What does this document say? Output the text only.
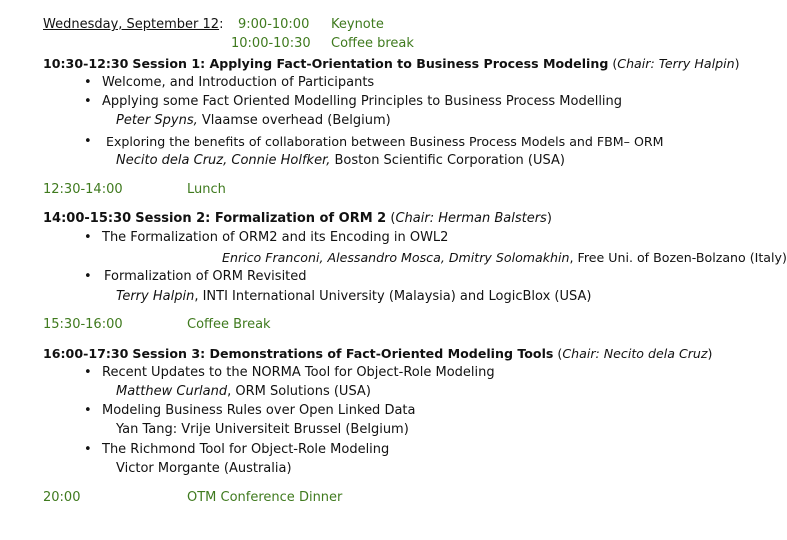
Wednesday, September 12: 9:00-10:00 Keynote
10:00-10:30 Coffee break
10:30-12:30 Session 1: Applying Fact-Orientation to Business Process Modeling (Chair: Terry Halpin)
• Welcome, and Introduction of Participants
• Applying some Fact Oriented Modelling Principles to Business Process Modelling
Peter Spyns, Vlaamse overhead (Belgium)
• Exploring the benefits of collaboration between Business Process Models and FBM– ORM
Necito dela Cruz, Connie Holfker, Boston Scientific Corporation (USA)
12:30-14:00	Lunch
14:00-15:30 Session 2: Formalization of ORM 2 (Chair: Herman Balsters)
• The Formalization of ORM2 and its Encoding in OWL2
Enrico Franconi, Alessandro Mosca, Dmitry Solomakhin, Free Uni. of Bozen-Bolzano (Italy)
• Formalization of ORM Revisited
Terry Halpin, INTI International University (Malaysia) and LogicBlox (USA)
15:30-16:00	Coffee Break
16:00-17:30 Session 3: Demonstrations of Fact-Oriented Modeling Tools (Chair: Necito dela Cruz)
• Recent Updates to the NORMA Tool for Object-Role Modeling
Matthew Curland, ORM Solutions (USA)
• Modeling Business Rules over Open Linked Data
Yan Tang: Vrije Universiteit Brussel (Belgium)
• The Richmond Tool for Object-Role Modeling
Victor Morgante (Australia)
20:00	OTM Conference Dinner
